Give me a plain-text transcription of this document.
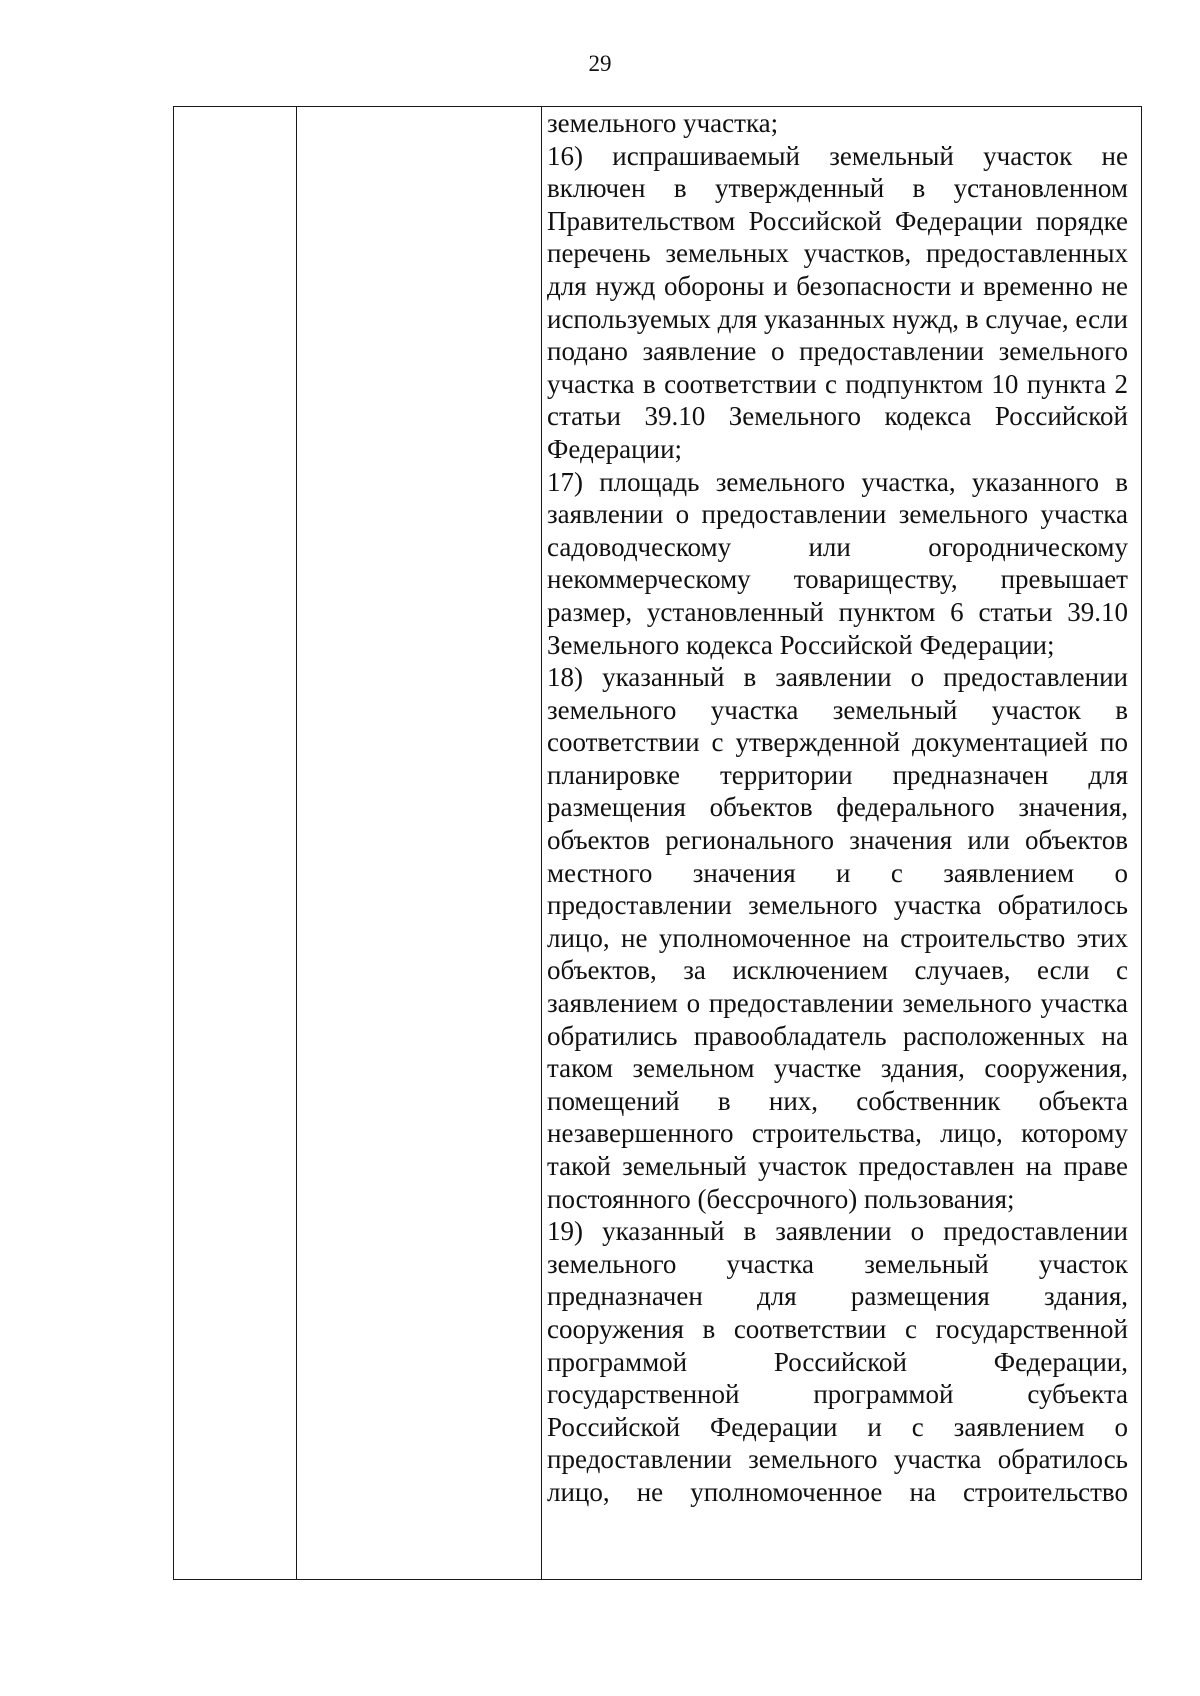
29
земельного участка;
16) испрашиваемый земельный участок не включен в утвержденный в установленном Правительством Российской Федерации порядке перечень земельных участков, предоставленных для нужд обороны и безопасности и временно не используемых для указанных нужд, в случае, если подано заявление о предоставлении земельного участка в соответствии с подпунктом 10 пункта 2 статьи 39.10 Земельного кодекса Российской Федерации;
17) площадь земельного участка, указанного в заявлении о предоставлении земельного участка садоводческому или огородническому некоммерческому товариществу, превышает размер, установленный пунктом 6 статьи 39.10 Земельного кодекса Российской Федерации;
18) указанный в заявлении о предоставлении земельного участка земельный участок в соответствии с утвержденной документацией по планировке территории предназначен для размещения объектов федерального значения, объектов регионального значения или объектов местного значения и с заявлением о предоставлении земельного участка обратилось лицо, не уполномоченное на строительство этих объектов, за исключением случаев, если с заявлением о предоставлении земельного участка обратились правообладатель расположенных на таком земельном участке здания, сооружения, помещений в них, собственник объекта незавершенного строительства, лицо, которому такой земельный участок предоставлен на праве постоянного (бессрочного) пользования;
19) указанный в заявлении о предоставлении земельного участка земельный участок предназначен для размещения здания, сооружения в соответствии с государственной программой Российской Федерации, государственной программой субъекта Российской Федерации и с заявлением о предоставлении земельного участка обратилось лицо, не уполномоченное на строительство
